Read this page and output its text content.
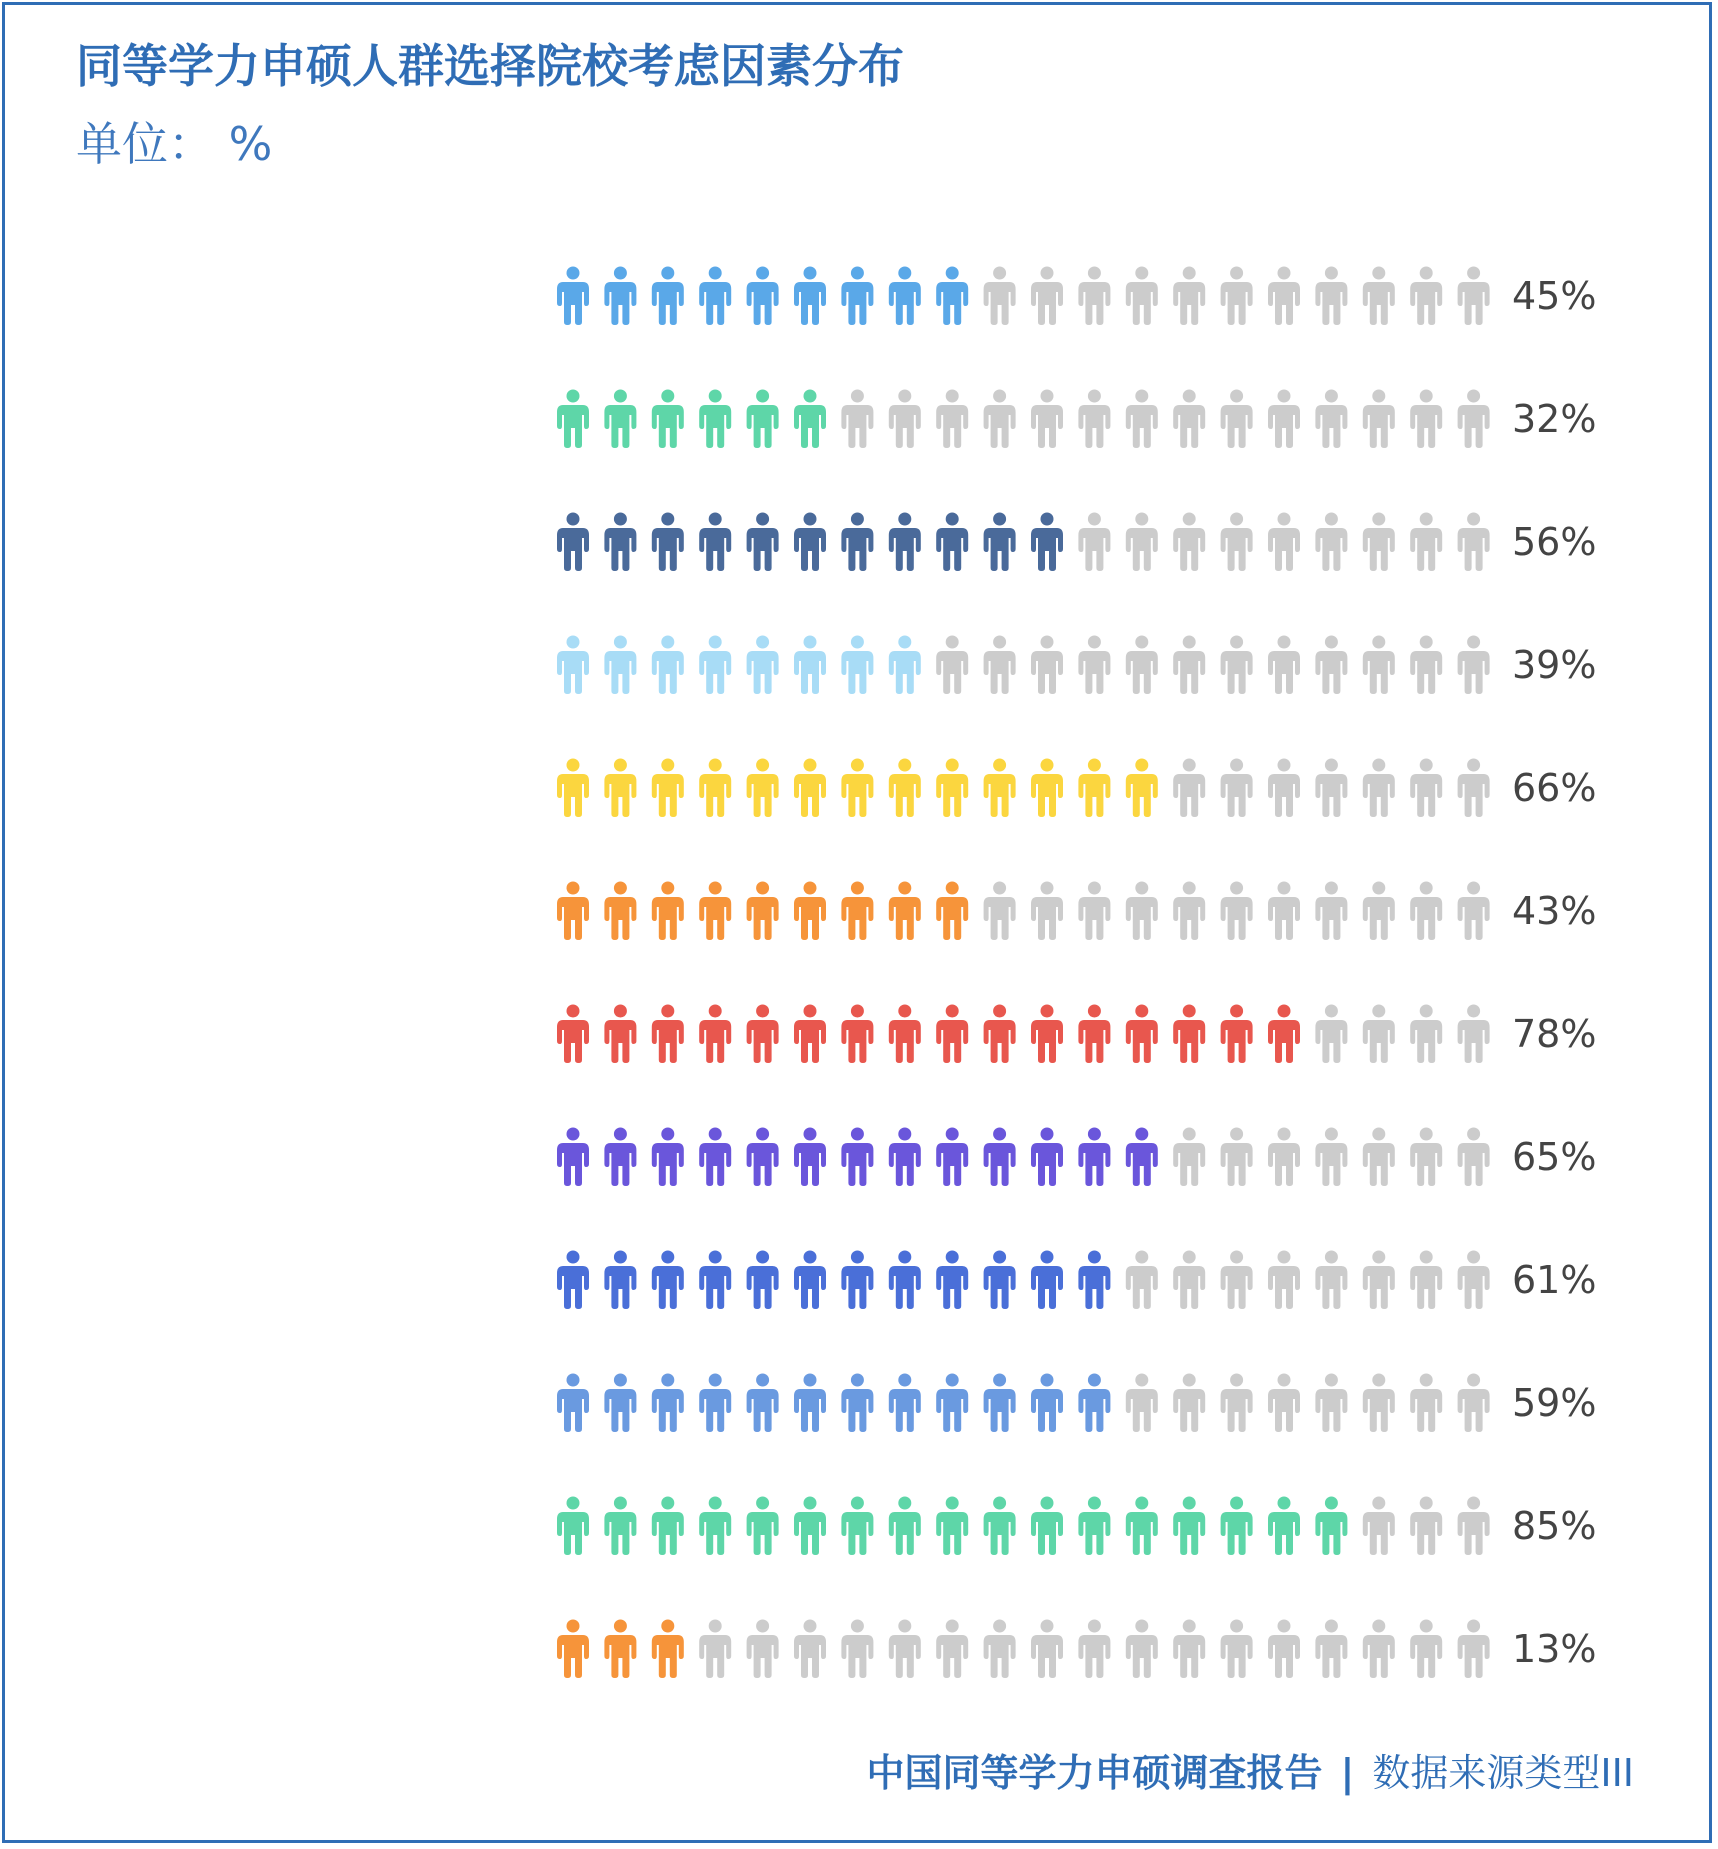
同等学力申硕人群选择院校考虑因素分布
单位： %
45%
32%
56%
39%
66%
43%
78%
65%
61%
59%
85%
13%
中国同等学力申硕调查报告 | 数据来源类型III
